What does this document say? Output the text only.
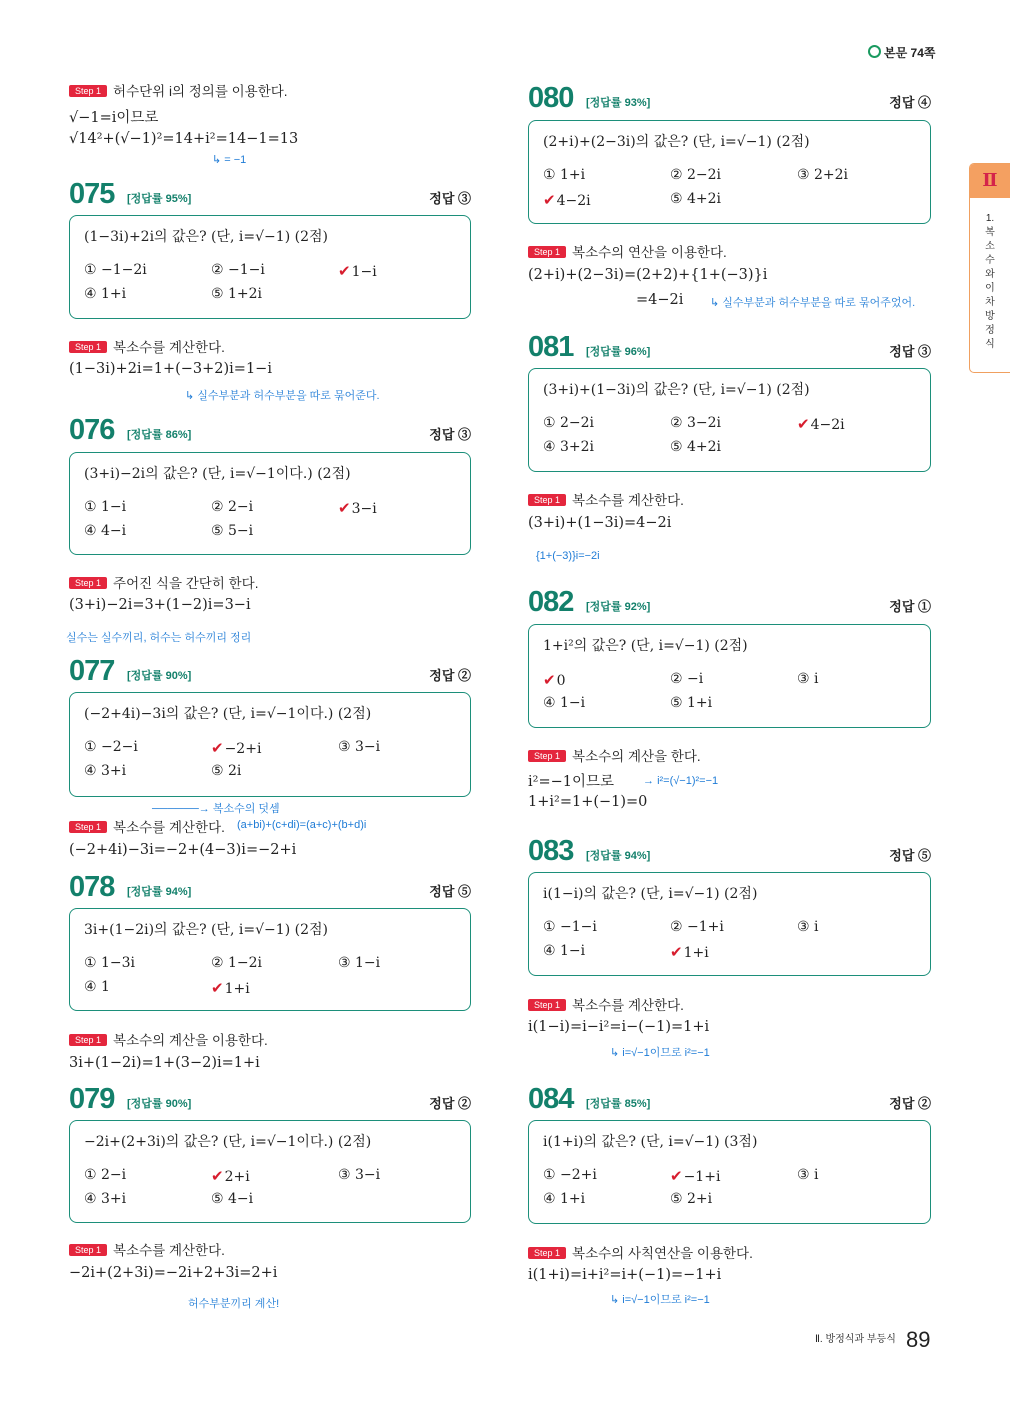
본문 74쪽
Ⅱ
1. 복소수와 이차방정식
Step 1 허수단위 i의 정의를 이용한다.
√−1=i이므로
√14²+(√−1)²=14+i²=14−1=13
↳ = −1
075 [정답률 95%]	정답 ③
(1−3i)+2i의 값은? (단, i=√−1) (2점)
① −1−2i	② −1−i	✔1−i
④ 1+i	⑤ 1+2i
Step 1 복소수를 계산한다.
(1−3i)+2i=1+(−3+2)i=1−i
↳ 실수부분과 허수부분을 따로 묶어준다.
076 [정답률 86%]	정답 ③
(3+i)−2i의 값은? (단, i=√−1이다.) (2점)
① 1−i	② 2−i	✔3−i
④ 4−i	⑤ 5−i
Step 1 주어진 식을 간단히 한다.
(3+i)−2i=3+(1−2)i=3−i
실수는 실수끼리, 허수는 허수끼리 정리
077 [정답률 90%]	정답 ②
(−2+4i)−3i의 값은? (단, i=√−1이다.) (2점)
① −2−i	✔−2+i	③ 3−i
④ 3+i	⑤ 2i
──────→ 복소수의 덧셈
Step 1 복소수를 계산한다. (a+bi)+(c+di)=(a+c)+(b+d)i
(−2+4i)−3i=−2+(4−3)i=−2+i
078 [정답률 94%]	정답 ⑤
3i+(1−2i)의 값은? (단, i=√−1) (2점)
① 1−3i	② 1−2i	③ 1−i
④ 1	✔1+i
Step 1 복소수의 계산을 이용한다.
3i+(1−2i)=1+(3−2)i=1+i
079 [정답률 90%]	정답 ②
−2i+(2+3i)의 값은? (단, i=√−1이다.) (2점)
① 2−i	✔2+i	③ 3−i
④ 3+i	⑤ 4−i
Step 1 복소수를 계산한다.
−2i+(2+3i)=−2i+2+3i=2+i
허수부분끼리 계산!
080 [정답률 93%]	정답 ④
(2+i)+(2−3i)의 값은? (단, i=√−1) (2점)
① 1+i	② 2−2i	③ 2+2i
✔4−2i	⑤ 4+2i
Step 1 복소수의 연산을 이용한다.
(2+i)+(2−3i)=(2+2)+{1+(−3)}i
=4−2i ↳ 실수부분과 허수부분을 따로 묶어주었어.
081 [정답률 96%]	정답 ③
(3+i)+(1−3i)의 값은? (단, i=√−1) (2점)
① 2−2i	② 3−2i	✔4−2i
④ 3+2i	⑤ 4+2i
Step 1 복소수를 계산한다.
(3+i)+(1−3i)=4−2i
{1+(−3)}i=−2i
082 [정답률 92%]	정답 ①
1+i²의 값은? (단, i=√−1) (2점)
✔0	② −i	③ i
④ 1−i	⑤ 1+i
Step 1 복소수의 계산을 한다.
i²=−1이므로	→ i²=(√−1)²=−1
1+i²=1+(−1)=0
083 [정답률 94%]	정답 ⑤
i(1−i)의 값은? (단, i=√−1) (2점)
① −1−i	② −1+i	③ i
④ 1−i	✔1+i
Step 1 복소수를 계산한다.
i(1−i)=i−i²=i−(−1)=1+i
↳ i=√−1이므로 i²=−1
084 [정답률 85%]	정답 ②
i(1+i)의 값은? (단, i=√−1) (3점)
① −2+i	✔−1+i	③ i
④ 1+i	⑤ 2+i
Step 1 복소수의 사칙연산을 이용한다.
i(1+i)=i+i²=i+(−1)=−1+i
↳ i=√−1이므로 i²=−1
Ⅱ. 방정식과 부등식 89
